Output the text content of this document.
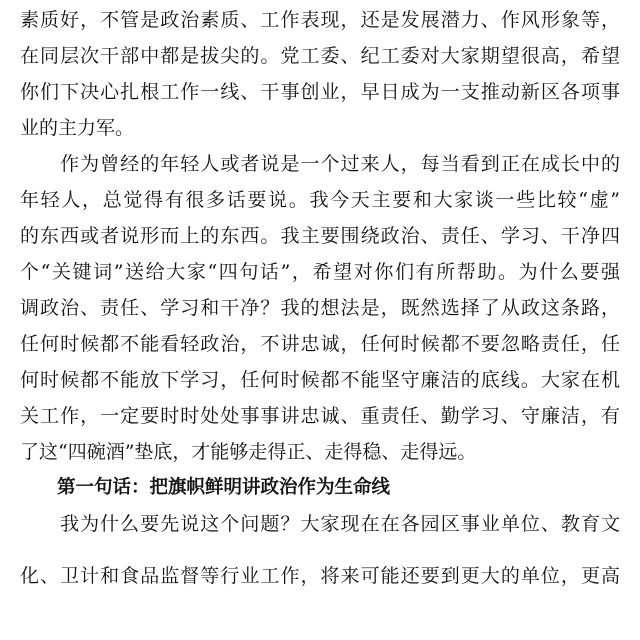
素质好，不管是政治素质、工作表现，还是发展潜力、作风形象等，
在同层次干部中都是拔尖的。党工委、纪工委对大家期望很高，希望
你们下决心扎根工作一线、干事创业，早日成为一支推动新区各项事
业的主力军。
　　作为曾经的年轻人或者说是一个过来人，每当看到正在成长中的
年轻人，总觉得有很多话要说。我今天主要和大家谈一些比较“虚”
的东西或者说形而上的东西。我主要围绕政治、责任、学习、干净四
个“关键词”送给大家“四句话”，希望对你们有所帮助。为什么要强
调政治、责任、学习和干净？我的想法是，既然选择了从政这条路，
任何时候都不能看轻政治，不讲忠诚，任何时候都不要忽略责任，任
何时候都不能放下学习，任何时候都不能坚守廉洁的底线。大家在机
关工作，一定要时时处处事事讲忠诚、重责任、勤学习、守廉洁，有
了这“四碗酒”垫底，才能够走得正、走得稳、走得远。
　　第一句话：把旗帜鲜明讲政治作为生命线
　　我为什么要先说这个问题？大家现在在各园区事业单位、教育文
化、卫计和食品监督等行业工作，将来可能还要到更大的单位，更高
